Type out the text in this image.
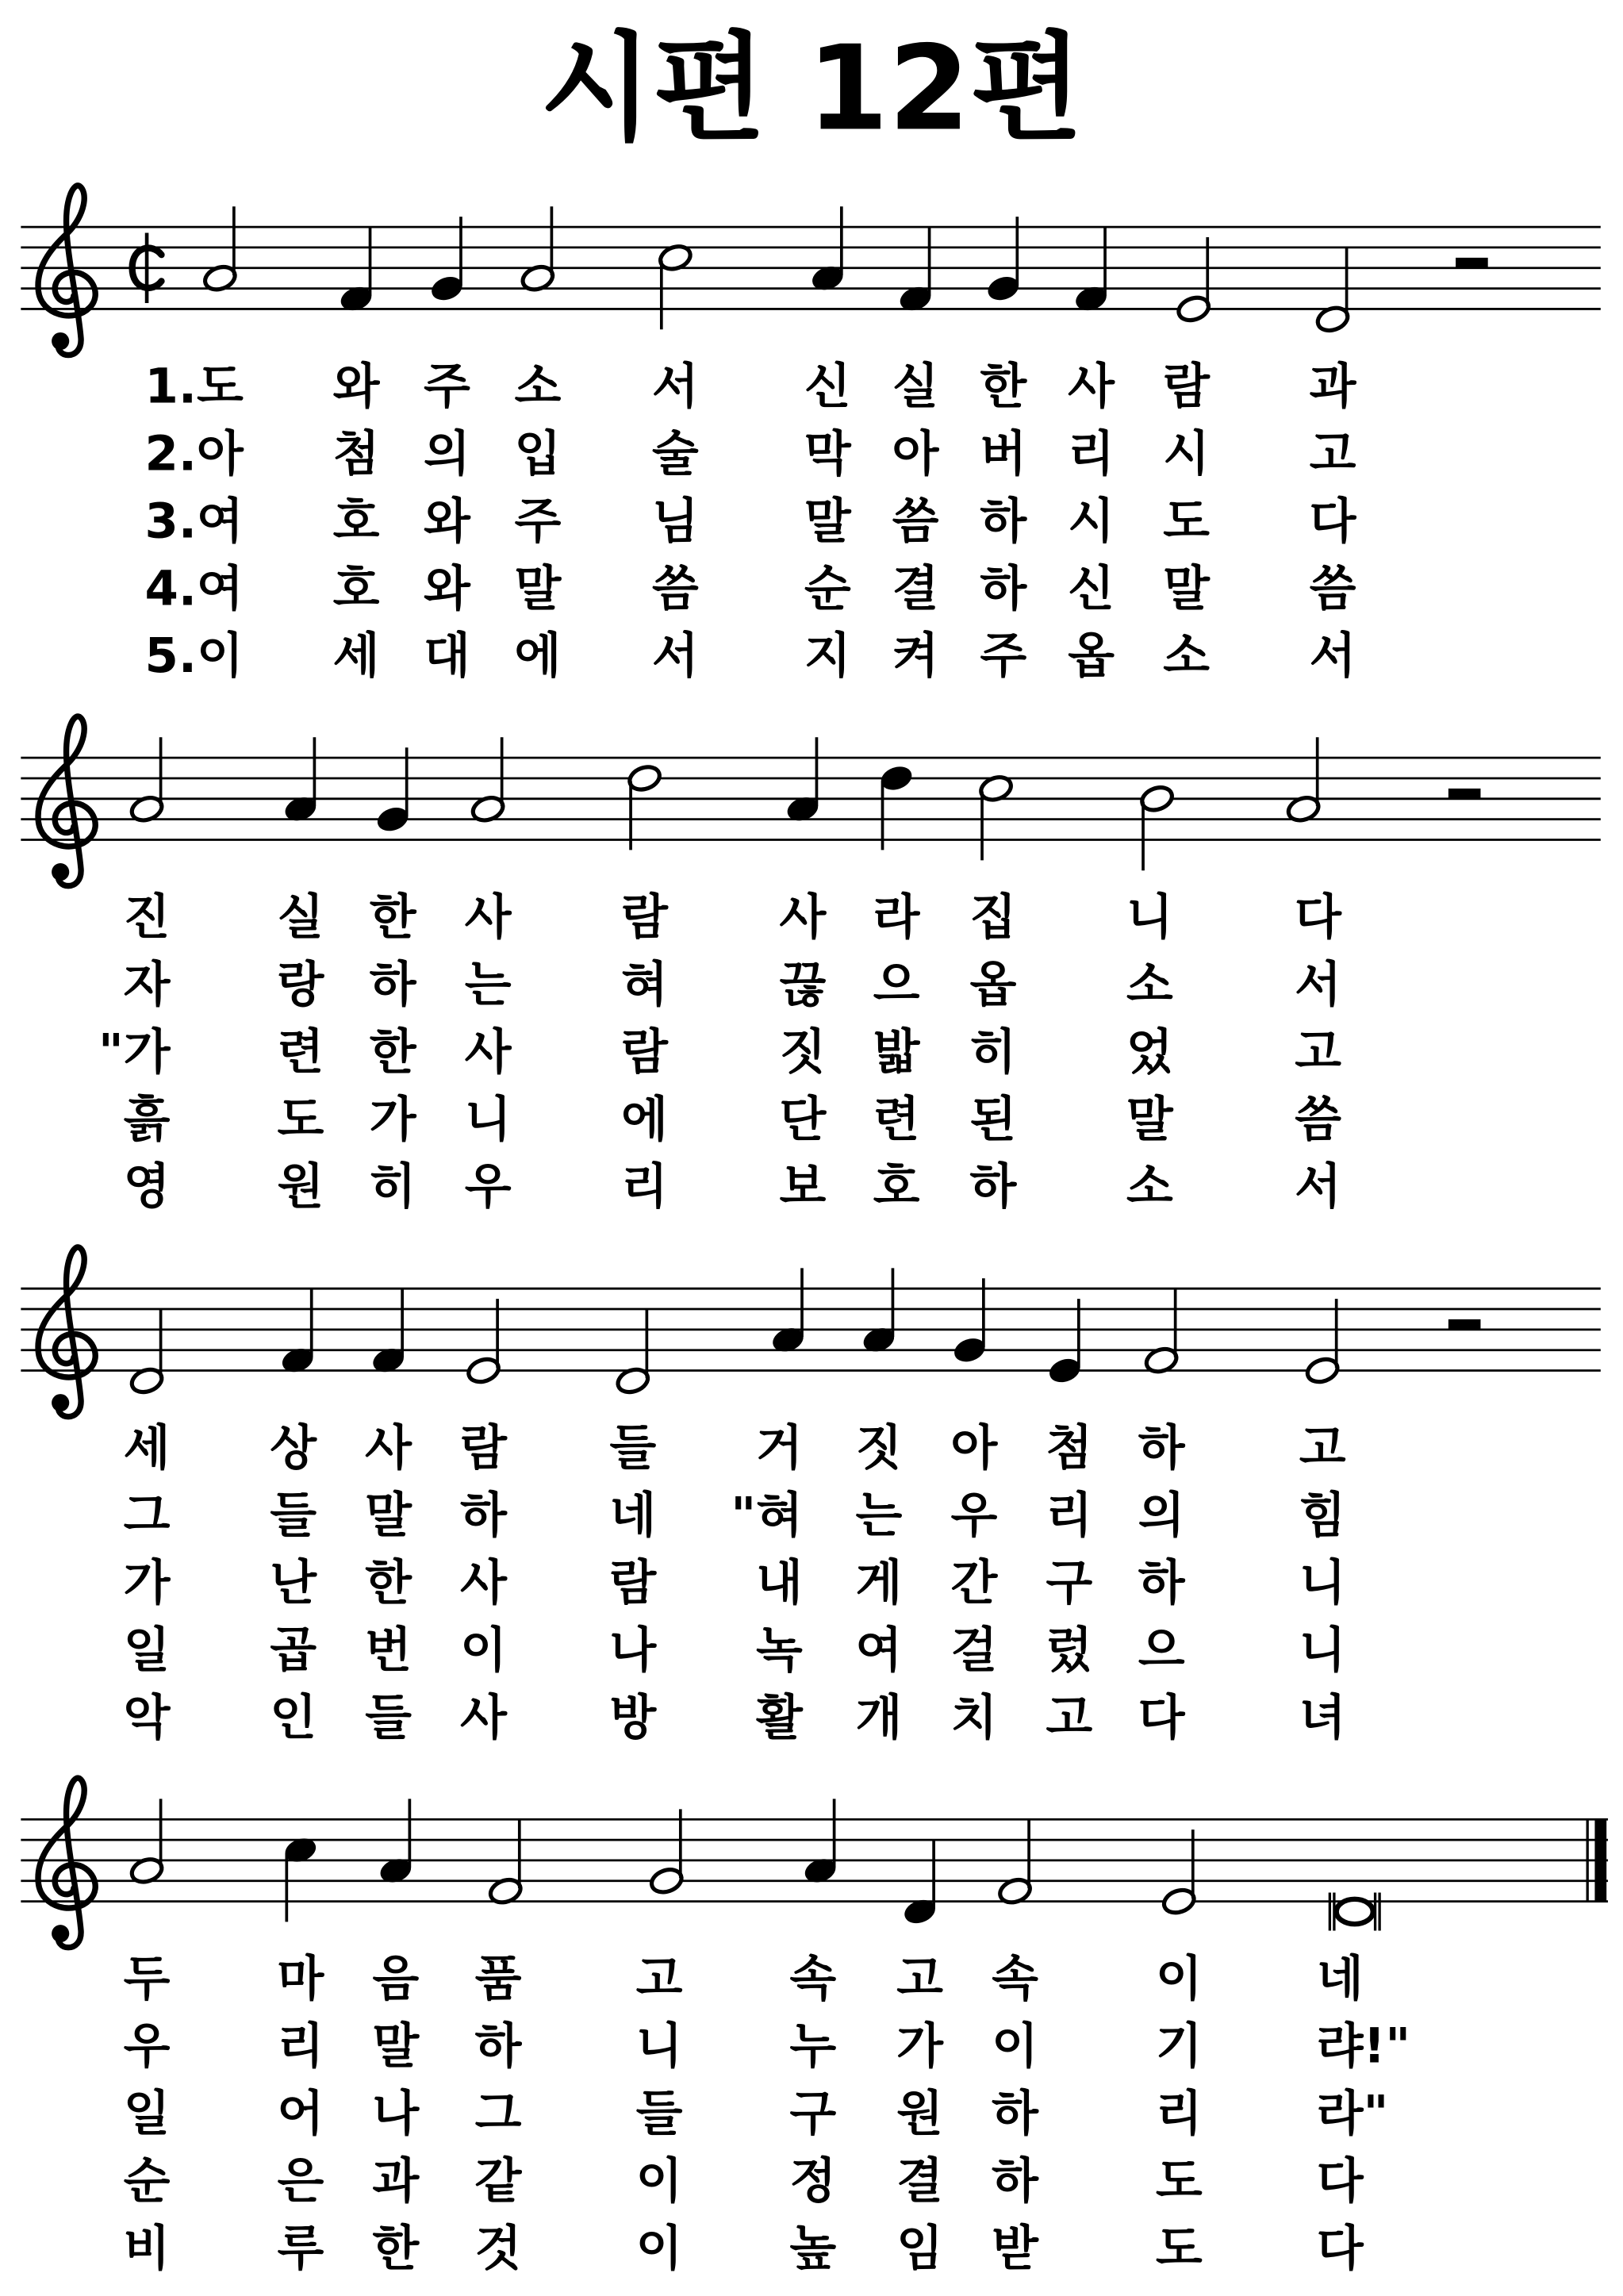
시편 12편
1.도	와 주 소	서	신 실 한 사 람	과
2.아	첨 의 입	술	막 아 버 리 시	고
3.여	호 와 주	님	말 씀 하 시 도	다
4.여	호 와 말	씀	순 결 하 신 말	씀
5.이	세 대 에	서	지 켜 주 옵 소	서
진	실 한 사	람	사 라 집	니	다
자	랑 하 는	혀	끊 으 옵	소	서
"가	련 한 사	람	짓 밟 히	었	고
흙	도 가 니	에	단 련 된	말	씀
영	원 히 우	리	보 호 하	소	서
세	상 사 람	들	거 짓 아 첨 하	고
그	들 말 하	네	"혀 는 우 리 의	힘
가	난 한 사	람	내 게 간 구 하	니
일	곱 번 이	나	녹 여 걸 렀 으	니
악	인 들 사	방	활 개 치 고 다	녀
두	마 음 품	고	속 고 속	이	네
우	리 말 하	니	누 가 이	기	랴!"
일	어 나 그	들	구 원 하	리	라"
순	은 과 같	이	정 결 하	도	다
비	루 한 것	이	높 임 받	도	다
